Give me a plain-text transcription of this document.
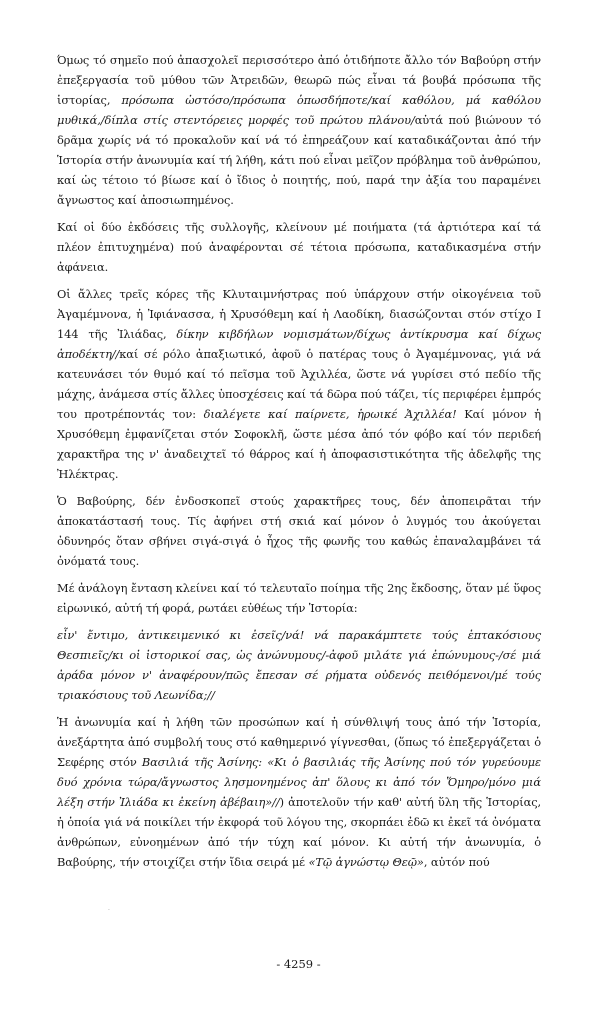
Όμως τό σημεῖο πού ἀπασχολεῖ περισσότερο ἀπό ὁτιδήποτε ἄλλο τόν Βαβούρη στήν ἐπεξεργασία τοῦ μύθου τῶν Ἀτρειδῶν, θεωρῶ πώς εἶναι τά βουβά πρόσωπα τῆς ἱστορίας, πρόσωπα ὡστόσο/πρόσωπα ὁπωσδήποτε/καί καθόλου, μά καθόλου μυθικά,/δίπλα στίς στεντόρειες μορφές τοῦ πρώτου πλάνου/αὐτά πού βιώνουν τό δρᾶμα χωρίς νά τό προκαλοῦν καί νά τό ἐπηρεάζουν καί καταδικάζονται ἀπό τήν Ἱστορία στήν ἀνωνυμία καί τή λήθη, κάτι πού εἶναι μεῖζον πρόβλημα τοῦ ἀνθρώπου, καί ὡς τέτοιο τό βίωσε καί ὁ ἴδιος ὁ ποιητής, πού, παρά την ἀξία του παραμένει ἄγνωστος καί ἀποσιωπημένος.

Καί οἱ δύο ἐκδόσεις τῆς συλλογῆς, κλείνουν μέ ποιήματα (τά ἀρτιότερα καί τά πλέον ἐπιτυχημένα) πού ἀναφέρονται σέ τέτοια πρόσωπα, καταδικασμένα στήν ἀφάνεια.

Οἱ ἄλλες τρεῖς κόρες τῆς Κλυταιμνήστρας πού ὑπάρχουν στήν οἰκογένεια τοῦ Ἀγαμέμνονα, ἡ Ἰφιάνασσα, ἡ Χρυσόθεμη καί ἡ Λαοδίκη, διασώζονται στόν στίχο Ι 144 τῆς Ἰλιάδας, δίκην κιβδήλων νομισμάτων/δίχως ἀντίκρυσμα καί δίχως ἀποδέκτη//καί σέ ρόλο ἀπαξιωτικό, ἀφοῦ ὁ πατέρας τους ὁ Ἀγαμέμνονας, γιά νά κατευνάσει τόν θυμό καί τό πεῖσμα τοῦ Ἀχιλλέα, ὥστε νά γυρίσει στό πεδίο τῆς μάχης, ἀνάμεσα στίς ἄλλες ὑποσχέσεις καί τά δῶρα πού τάζει, τίς περιφέρει ἐμπρός του προτρέποντάς τον: διαλέγετε καί παίρνετε, ἡρωικέ Ἀχιλλέα! Καί μόνον ἡ Χρυσόθεμη ἐμφανίζεται στόν Σοφοκλῆ, ὥστε μέσα ἀπό τόν φόβο καί τόν περιδεή χαρακτῆρα της ν' ἀναδειχτεῖ τό θάρρος καί ἡ ἀποφασιστικότητα τῆς ἀδελφῆς της Ἠλέκτρας.

Ὁ Βαβούρης, δέν ἐνδοσκοπεῖ στούς χαρακτῆρες τους, δέν ἀποπειρᾶται τήν ἀποκατάστασή τους. Τίς ἀφήνει στή σκιά καί μόνον ὁ λυγμός του ἀκούγεται ὀδυνηρός ὅταν σβήνει σιγά-σιγά ὁ ἦχος τῆς φωνῆς του καθώς ἐπαναλαμβάνει τά ὀνόματά τους.

Μέ ἀνάλογη ἔνταση κλείνει καί τό τελευταῖο ποίημα τῆς 2ης ἔκδοσης, ὅταν μέ ὕφος εἰρωνικό, αὐτή τή φορά, ρωτάει εὐθέως τήν Ἱστορία:

εἶν' ἔντιμο, ἀντικειμενικό κι ἐσεῖς/νά! νά παρακάμπτετε τούς ἑπτακόσιους Θεσπιεῖς/κι οἱ ἱστορικοί σας, ὡς ἀνώνυμους/-ἀφοῦ μιλάτε γιά ἐπώνυμους-/σέ μιά ἀράδα μόνον ν' ἀναφέρουν/πῶς ἔπεσαν σέ ρήματα οὐδενός πειθόμενοι/μέ τούς τριακόσιους τοῦ Λεωνίδα;//

Ἡ ἀνωνυμία καί ἡ λήθη τῶν προσώπων καί ἡ σύνθλιψή τους ἀπό τήν Ἱστορία, ἀνεξάρτητα ἀπό συμβολή τους στό καθημερινό γίγνεσθαι, (ὅπως τό ἐπεξεργάζεται ὁ Σεφέρης στόν Βασιλιά τῆς Ἀσίνης: «Κι ὁ βασιλιάς τῆς Ἀσίνης πού τόν γυρεύουμε δυό χρόνια τώρα/ἄγνωστος λησμονημένος ἀπ' ὅλους κι ἀπό τόν Ὅμηρο/μόνο μιά λέξη στήν Ἰλιάδα κι ἐκείνη ἀβέβαιη»//) ἀποτελοῦν τήν καθ' αὐτή ὕλη τῆς Ἱστορίας, ἡ ὁποία γιά νά ποικίλει τήν ἐκφορά τοῦ λόγου της, σκορπάει ἐδῶ κι ἐκεῖ τά ὀνόματα ἀνθρώπων, εὐνοημένων ἀπό τήν τύχη καί μόνον. Κι αὐτή τήν ἀνωνυμία, ὁ Βαβούρης, τήν στοιχίζει στήν ἴδια σειρά μέ «Τῷ ἀγνώστῳ Θεῷ», αὐτόν πού

·
- 4259 -
